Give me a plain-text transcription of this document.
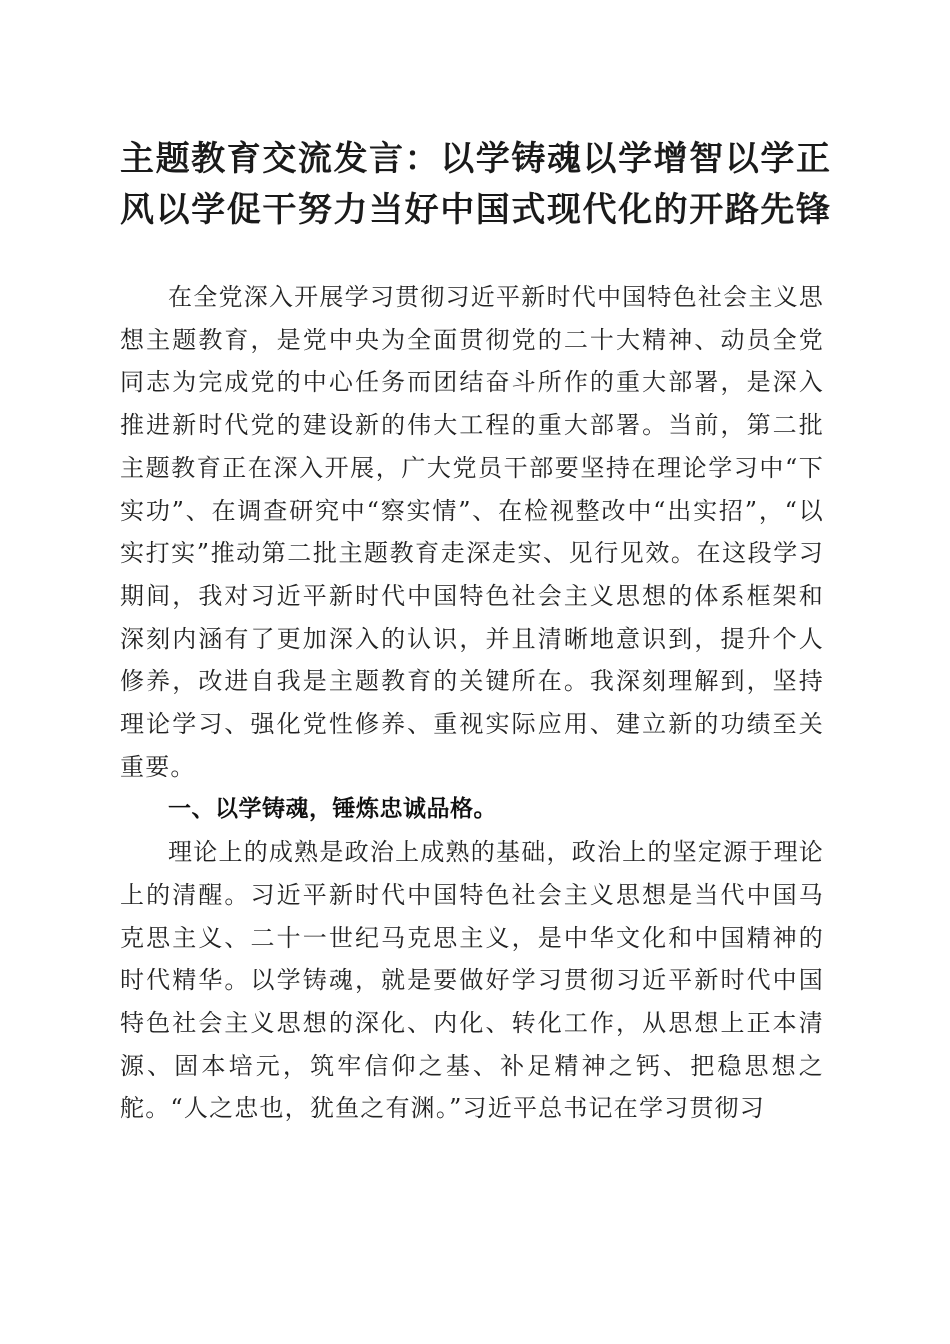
主题教育交流发言：以学铸魂以学增智以学正
风以学促干努力当好中国式现代化的开路先锋

在全党深入开展学习贯彻习近平新时代中国特色社会主义思想主题教育，是党中央为全面贯彻党的二十大精神、动员全党同志为完成党的中心任务而团结奋斗所作的重大部署，是深入推进新时代党的建设新的伟大工程的重大部署。当前，第二批主题教育正在深入开展，广大党员干部要坚持在理论学习中“下实功”、在调查研究中“察实情”、在检视整改中“出实招”，“以实打实”推动第二批主题教育走深走实、见行见效。在这段学习期间，我对习近平新时代中国特色社会主义思想的体系框架和深刻内涵有了更加深入的认识，并且清晰地意识到，提升个人修养，改进自我是主题教育的关键所在。我深刻理解到，坚持理论学习、强化党性修养、重视实际应用、建立新的功绩至关重要。

一、以学铸魂，锤炼忠诚品格。

理论上的成熟是政治上成熟的基础，政治上的坚定源于理论上的清醒。习近平新时代中国特色社会主义思想是当代中国马克思主义、二十一世纪马克思主义，是中华文化和中国精神的时代精华。以学铸魂，就是要做好学习贯彻习近平新时代中国特色社会主义思想的深化、内化、转化工作，从思想上正本清源、固本培元，筑牢信仰之基、补足精神之钙、把稳思想之舵。“人之忠也，犹鱼之有渊。”习近平总书记在学习贯彻习
